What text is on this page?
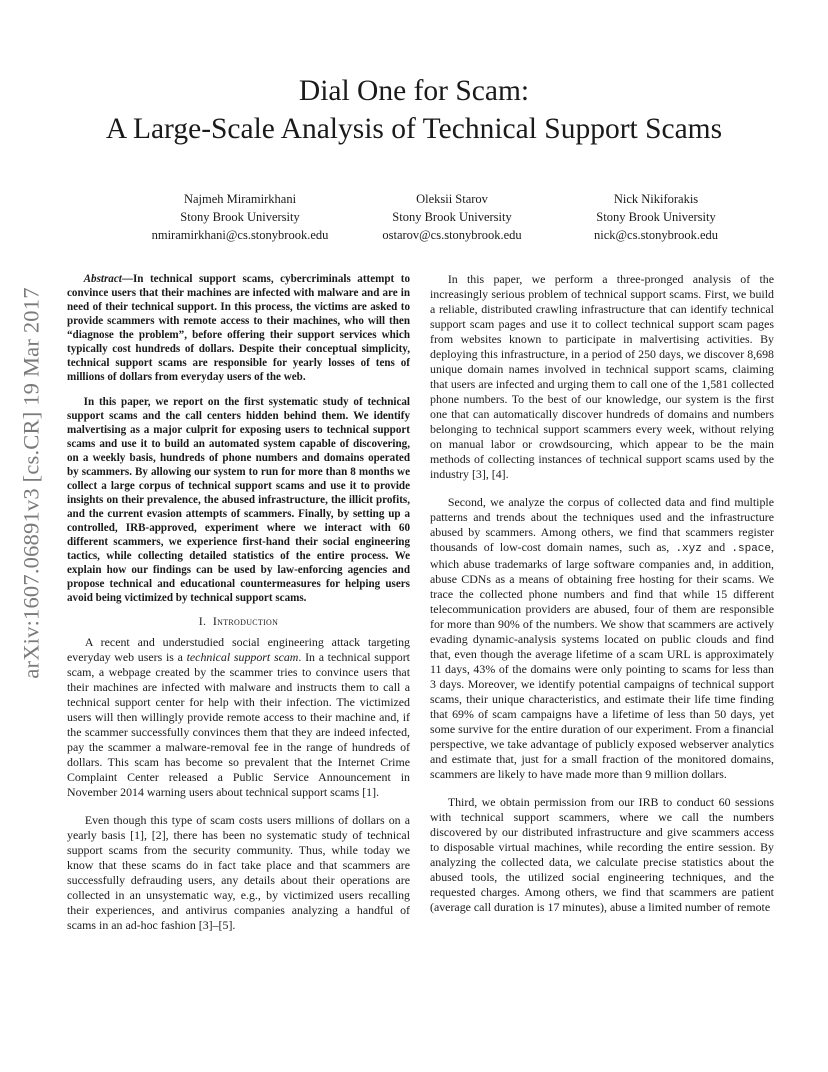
arXiv:1607.06891v3 [cs.CR] 19 Mar 2017
Dial One for Scam:
A Large-Scale Analysis of Technical Support Scams
Najmeh Miramirkhani
Stony Brook University
nmiramirkhani@cs.stonybrook.edu
Oleksii Starov
Stony Brook University
ostarov@cs.stonybrook.edu
Nick Nikiforakis
Stony Brook University
nick@cs.stonybrook.edu

Abstract—In technical support scams, cybercriminals attempt to convince users that their machines are infected with malware and are in need of their technical support. In this process, the victims are asked to provide scammers with remote access to their machines, who will then “diagnose the problem”, before offering their support services which typically cost hundreds of dollars. Despite their conceptual simplicity, technical support scams are responsible for yearly losses of tens of millions of dollars from everyday users of the web.

In this paper, we report on the first systematic study of technical support scams and the call centers hidden behind them. We identify malvertising as a major culprit for exposing users to technical support scams and use it to build an automated system capable of discovering, on a weekly basis, hundreds of phone numbers and domains operated by scammers. By allowing our system to run for more than 8 months we collect a large corpus of technical support scams and use it to provide insights on their prevalence, the abused infrastructure, the illicit profits, and the current evasion attempts of scammers. Finally, by setting up a controlled, IRB-approved, experiment where we interact with 60 different scammers, we experience first-hand their social engineering tactics, while collecting detailed statistics of the entire process. We explain how our findings can be used by law-enforcing agencies and propose technical and educational countermeasures for helping users avoid being victimized by technical support scams.

I. Introduction

A recent and understudied social engineering attack targeting everyday web users is a technical support scam. In a technical support scam, a webpage created by the scammer tries to convince users that their machines are infected with malware and instructs them to call a technical support center for help with their infection. The victimized users will then willingly provide remote access to their machine and, if the scammer successfully convinces them that they are indeed infected, pay the scammer a malware-removal fee in the range of hundreds of dollars. This scam has become so prevalent that the Internet Crime Complaint Center released a Public Service Announcement in November 2014 warning users about technical support scams [1].

Even though this type of scam costs users millions of dollars on a yearly basis [1], [2], there has been no systematic study of technical support scams from the security community. Thus, while today we know that these scams do in fact take place and that scammers are successfully defrauding users, any details about their operations are collected in an unsystematic way, e.g., by victimized users recalling their experiences, and antivirus companies analyzing a handful of scams in an ad-hoc fashion [3]–[5].

In this paper, we perform a three-pronged analysis of the increasingly serious problem of technical support scams. First, we build a reliable, distributed crawling infrastructure that can identify technical support scam pages and use it to collect technical support scam pages from websites known to participate in malvertising activities. By deploying this infrastructure, in a period of 250 days, we discover 8,698 unique domain names involved in technical support scams, claiming that users are infected and urging them to call one of the 1,581 collected phone numbers. To the best of our knowledge, our system is the first one that can automatically discover hundreds of domains and numbers belonging to technical support scammers every week, without relying on manual labor or crowdsourcing, which appear to be the main methods of collecting instances of technical support scams used by the industry [3], [4].

Second, we analyze the corpus of collected data and find multiple patterns and trends about the techniques used and the infrastructure abused by scammers. Among others, we find that scammers register thousands of low-cost domain names, such as, .xyz and .space, which abuse trademarks of large software companies and, in addition, abuse CDNs as a means of obtaining free hosting for their scams. We trace the collected phone numbers and find that while 15 different telecommunication providers are abused, four of them are responsible for more than 90% of the numbers. We show that scammers are actively evading dynamic-analysis systems located on public clouds and find that, even though the average lifetime of a scam URL is approximately 11 days, 43% of the domains were only pointing to scams for less than 3 days. Moreover, we identify potential campaigns of technical support scams, their unique characteristics, and estimate their life time finding that 69% of scam campaigns have a lifetime of less than 50 days, yet some survive for the entire duration of our experiment. From a financial perspective, we take advantage of publicly exposed webserver analytics and estimate that, just for a small fraction of the monitored domains, scammers are likely to have made more than 9 million dollars.

Third, we obtain permission from our IRB to conduct 60 sessions with technical support scammers, where we call the numbers discovered by our distributed infrastructure and give scammers access to disposable virtual machines, while recording the entire session. By analyzing the collected data, we calculate precise statistics about the abused tools, the utilized social engineering techniques, and the requested charges. Among others, we find that scammers are patient (average call duration is 17 minutes), abuse a limited number of remote
